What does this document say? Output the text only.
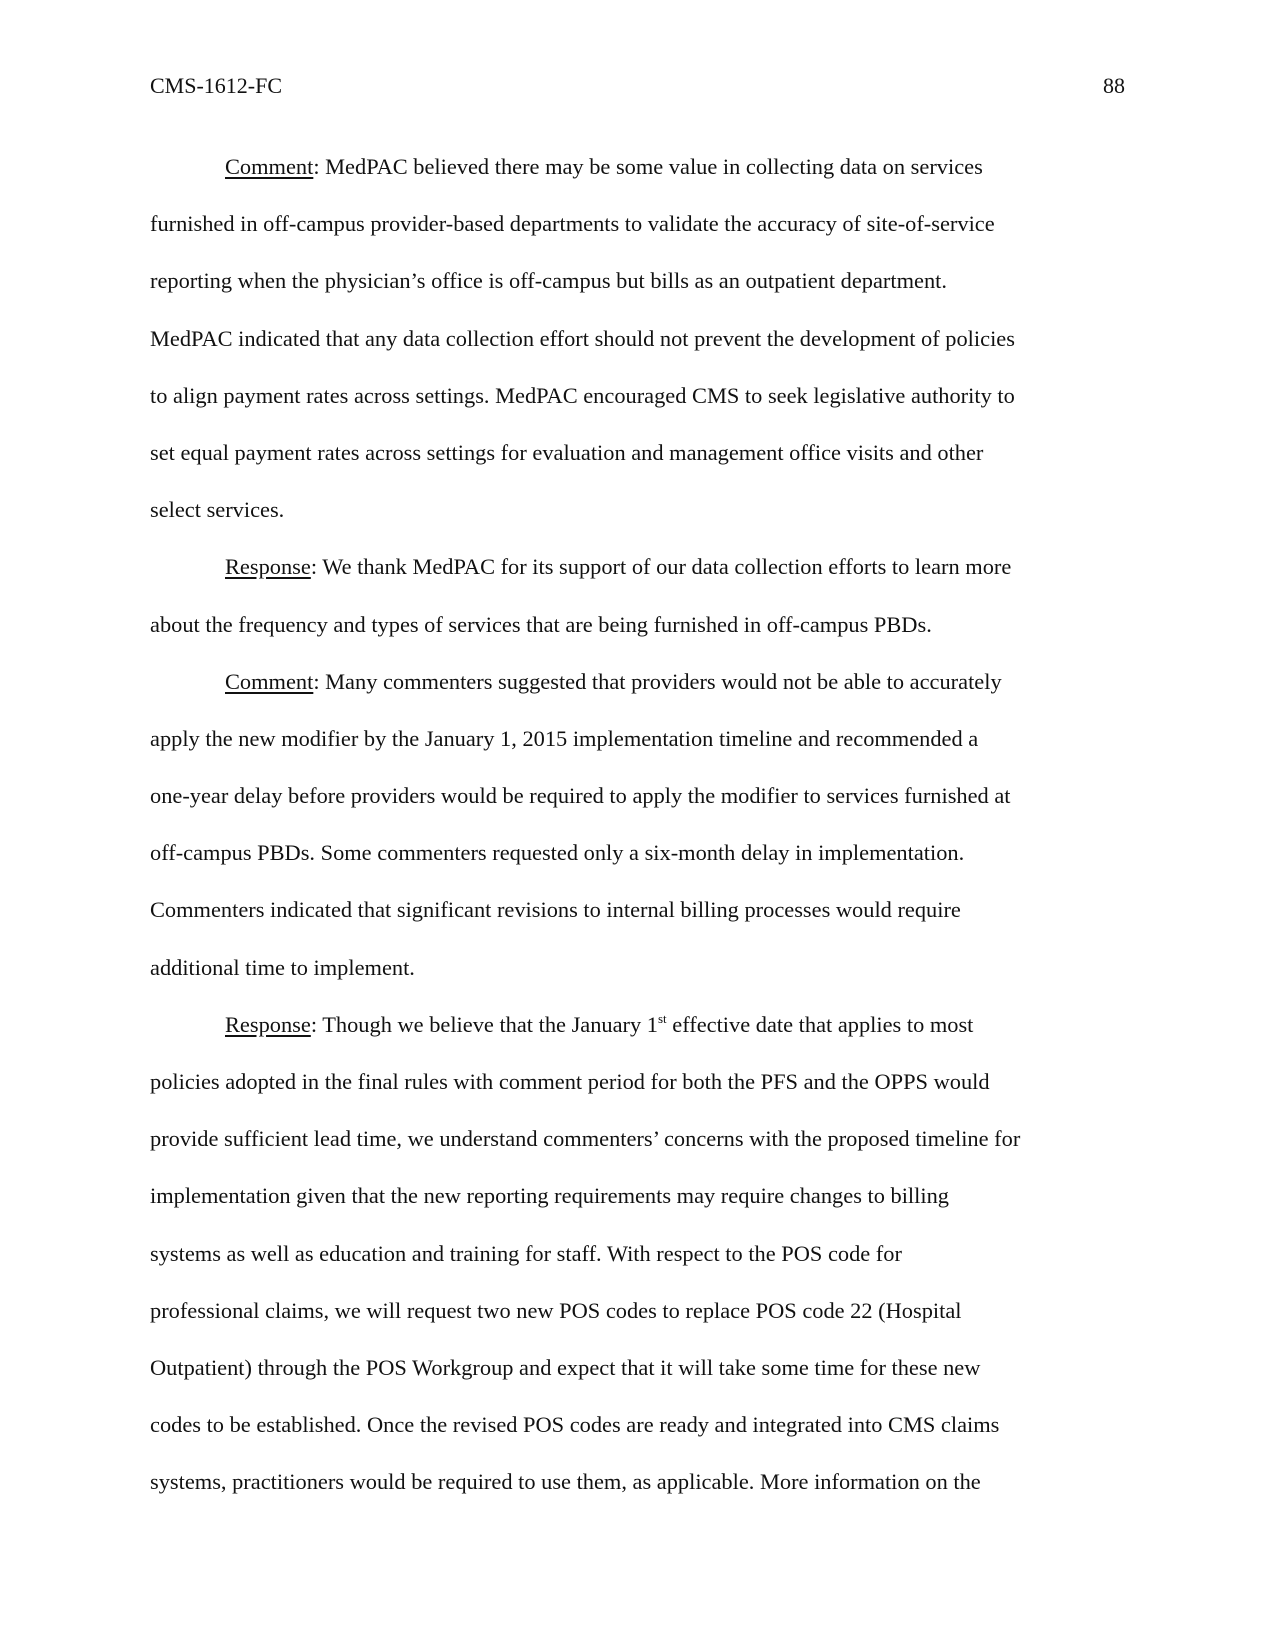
CMS-1612-FC	88
Comment: MedPAC believed there may be some value in collecting data on services
furnished in off-campus provider-based departments to validate the accuracy of site-of-service
reporting when the physician’s office is off-campus but bills as an outpatient department.
MedPAC indicated that any data collection effort should not prevent the development of policies
to align payment rates across settings. MedPAC encouraged CMS to seek legislative authority to
set equal payment rates across settings for evaluation and management office visits and other
select services.
Response: We thank MedPAC for its support of our data collection efforts to learn more
about the frequency and types of services that are being furnished in off-campus PBDs.
Comment: Many commenters suggested that providers would not be able to accurately
apply the new modifier by the January 1, 2015 implementation timeline and recommended a
one-year delay before providers would be required to apply the modifier to services furnished at
off-campus PBDs. Some commenters requested only a six-month delay in implementation.
Commenters indicated that significant revisions to internal billing processes would require
additional time to implement.
Response: Though we believe that the January 1st effective date that applies to most
policies adopted in the final rules with comment period for both the PFS and the OPPS would
provide sufficient lead time, we understand commenters’ concerns with the proposed timeline for
implementation given that the new reporting requirements may require changes to billing
systems as well as education and training for staff. With respect to the POS code for
professional claims, we will request two new POS codes to replace POS code 22 (Hospital
Outpatient) through the POS Workgroup and expect that it will take some time for these new
codes to be established. Once the revised POS codes are ready and integrated into CMS claims
systems, practitioners would be required to use them, as applicable. More information on the
